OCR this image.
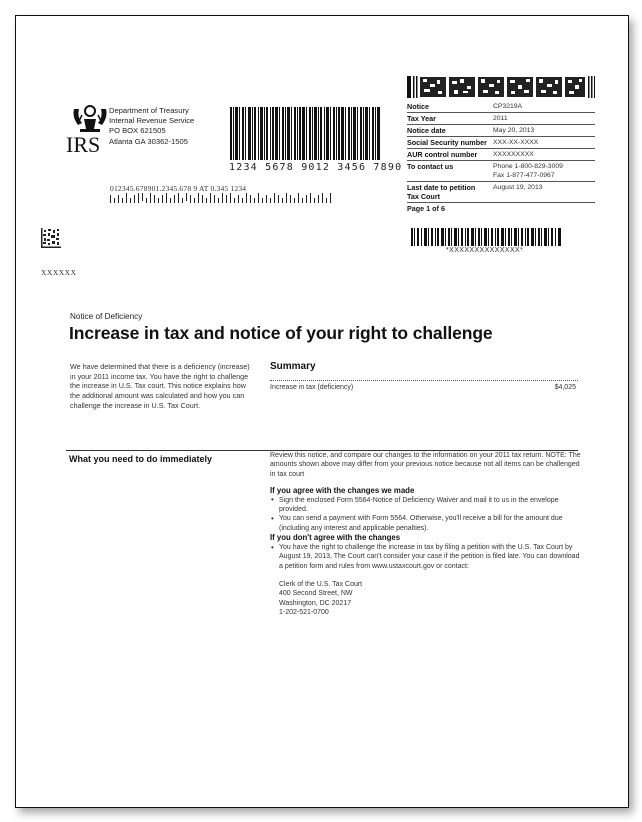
IRS
Department of Treasury
Internal Revenue Service
PO BOX 621505
Atlanta GA 30362-1505
1234 5678 9012 3456 7890
012345.678901.2345.678 9 AT 0.345 1234
XXXXXX
Notice	CP3219A
Tax Year	2011
Notice date	May 20, 2013
Social Security number	XXX-XX-XXXX
AUR control number	XXXXXXXXX
To contact us	Phone 1-800-829-3009
Fax 1-877-477-0967

Last date to petition
Tax Court	August 19, 2013
Page 1 of 6	
*XXXXXXXXXXXXXX*
Notice of Deficiency
Increase in tax and notice of your right to challenge
We have determined that there is a deficiency (increase) in your 2011 income tax. You have the right to challenge the increase in U.S. Tax court. This notice explains how the additional amount was calculated and how you can challenge the increase in U.S. Tax Court.
Summary
Increase in tax (deficiency)	$4,025
What you need to do immediately	Review this notice, and compare our changes to the information on your 2011 tax return. NOTE: The amounts shown above may differ from your previous notice because not all items can be challenged in tax court

If you agree with the changes we made
• Sign the enclosed Form 5564-Notice of Deficiency Waiver and mail it to us in the envelope provided.
• You can send a payment with Form 5564. Otherwise, you'll receive a bill for the amount due (including any interest and applicable penalties).
If you don't agree with the changes
• You have the right to challenge the increase in tax by filing a petition with the U.S. Tax Court by August 19, 2013, The Court can't consider your case if the petition is filed late. You can download a petition form and rules from www.ustaxcourt.gov or contact:
Clerk of the U.S. Tax Court
400 Second Street, NW
Washington, DC 20217
1-202-521-0700
